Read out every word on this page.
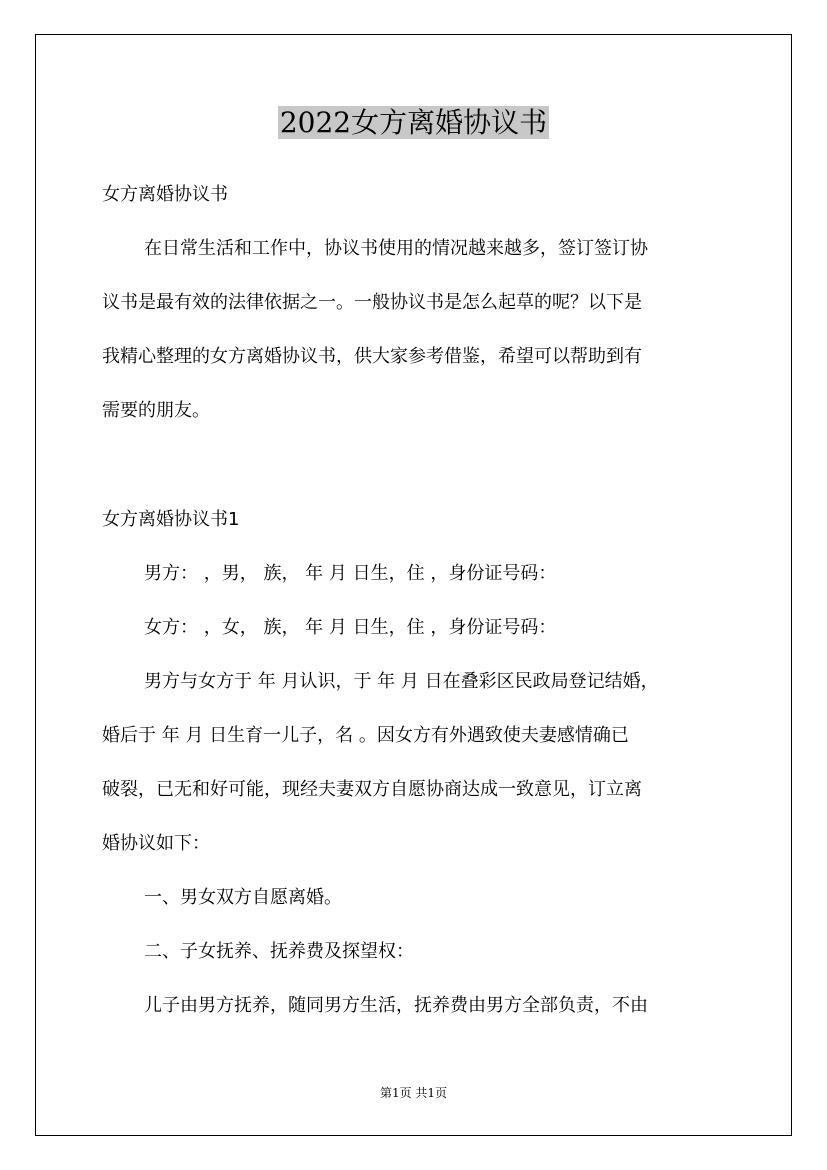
2022女方离婚协议书
女方离婚协议书
在日常生活和工作中，协议书使用的情况越来越多，签订签订协
议书是最有效的法律依据之一。一般协议书是怎么起草的呢？以下是
我精心整理的女方离婚协议书，供大家参考借鉴，希望可以帮助到有
需要的朋友。
女方离婚协议书1
男方： ，男， 族， 年 月 日生，住 ，身份证号码：
女方： ，女， 族， 年 月 日生，住 ，身份证号码：
男方与女方于 年 月认识，于 年 月 日在叠彩区民政局登记结婚，
婚后于 年 月 日生育一儿子，名 。因女方有外遇致使夫妻感情确已
破裂，已无和好可能，现经夫妻双方自愿协商达成一致意见，订立离
婚协议如下：
一、男女双方自愿离婚。
二、子女抚养、抚养费及探望权：
儿子由男方抚养，随同男方生活，抚养费由男方全部负责，不由
第1页 共1页
